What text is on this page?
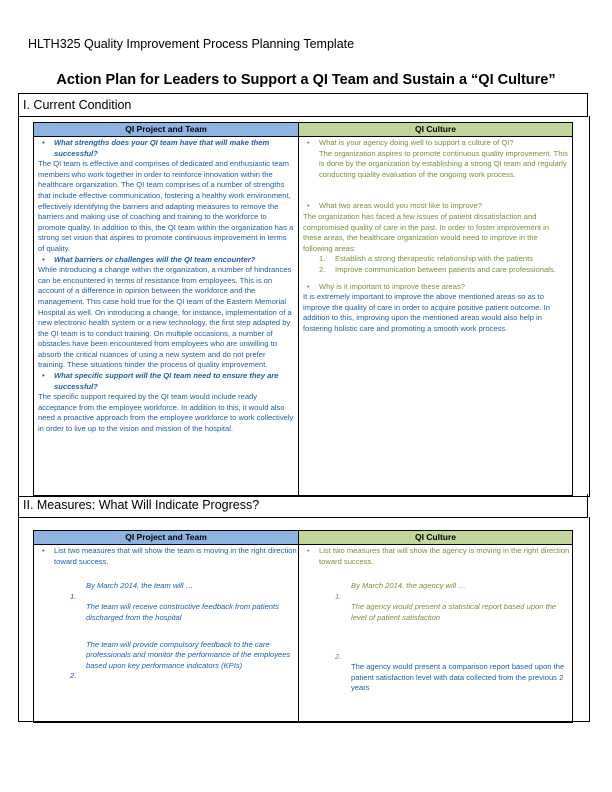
HLTH325 Quality Improvement Process Planning Template
Action Plan for Leaders to Support a QI Team and Sustain a “QI Culture”
I. Current Condition
QI Project and Team
• What strengths does your QI team have that will make them successful?
The QI team is effective and comprises of dedicated and enthusiastic team members who work together in order to reinforce innovation within the healthcare organization. The QI team comprises of a number of strengths that include effective communication, fostering a healthy work environment, effectively identifying the barriers and adapting measures to remove the barriers and making use of coaching and training to the workforce to promote quality. In addition to this, the QI team within the organization has a strong set vision that aspires to promote continuous improvement in terms of quality.
• What barriers or challenges will the QI team encounter?
While introducing a change within the organization, a number of hindrances can be encountered in terms of resistance from employees. This is on account of a difference in opinion between the workforce and the management. This case hold true for the QI team of the Eastern Memorial Hospital as well. On introducing a change, for instance, implementation of a new electronic health system or a new technology, the first step adapted by the QI team is to conduct training. On multiple occasions, a number of obstacles have been encountered from employees who are unwilling to absorb the critical nuances of using a new system and do not prefer training. These situations hinder the process of quality improvement.
• What specific support will the QI team need to ensure they are successful?
The specific support required by the QI team would include ready acceptance from the employee workforce. In addition to this, it would also need a proactive approach from the employee workforce to work collectively in order to live up to the vision and mission of the hospital.
QI Culture
• What is your agency doing well to support a culture of QI?
The organization aspires to promote continuous quality improvement. This is done by the organization by establishing a strong QI team and regularly conducting quality evaluation of the ongoing work process.
• What two areas would you most like to improve?
The organization has faced a few issues of patient dissatisfaction and compromised quality of care in the past. In order to foster improvement in these areas, the healthcare organization would need to improve in the following areas:
1. Establish a strong therapeutic relationship with the patients
2. Improve communication between patients and care professionals.
• Why is it important to improve these areas?
It is extremely important to improve the above mentioned areas so as to improve the quality of care in order to acquire positive patient outcome. In addition to this, improving upon the mentioned areas would also help in fostering holistic care and promoting a smooth work process.
II. Measures: What Will Indicate Progress?
QI Project and Team
• List two measures that will show the team is moving in the right direction toward success.
By March 2014, the team will …
1.
The team will receive constructive feedback from patients discharged from the hospital
The team will provide compulsory feedback to the care professionals and monitor the performance of the employees based upon key performance indicators (KPIs)
2.
QI Culture
• List two measures that will show the agency is moving in the right direction toward success.
By March 2014, the agency will …
1.
The agency would present a statistical report based upon the level of patient satisfaction
2.
The agency would present a comparison report based upon the patient satisfaction level with data collected from the previous 2 years
